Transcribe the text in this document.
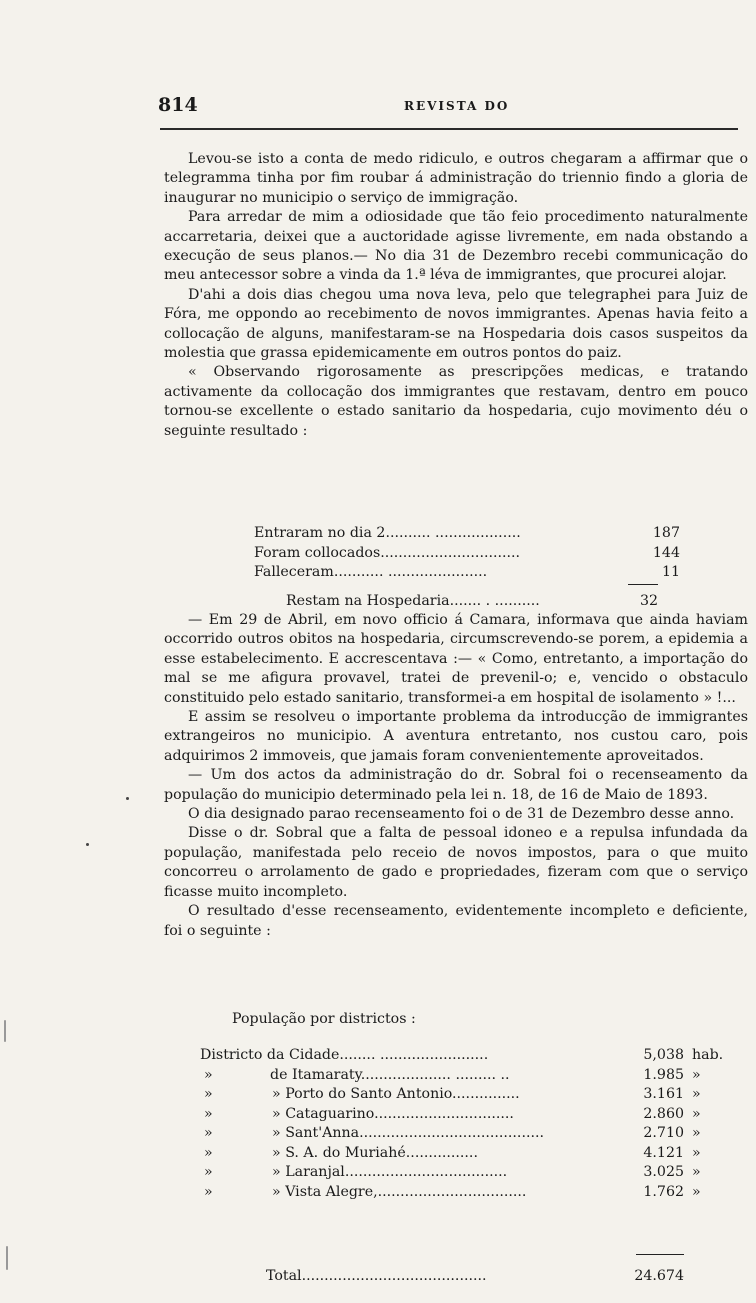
814	REVISTA DO

Levou-se isto a conta de medo ridiculo, e outros chegaram a affirmar que o telegramma tinha por fim roubar á administração do triennio findo a gloria de inaugurar no municipio o serviço de immigração.

Para arredar de mim a odiosidade que tão feio procedimento naturalmente accarretaria, deixei que a auctoridade agisse livremente, em nada obstando a execução de seus planos.— No dia 31 de Dezembro recebi communicação do meu antecessor sobre a vinda da 1.ª léva de immigrantes, que procurei alojar.

D'ahi a dois dias chegou uma nova leva, pelo que telegraphei para Juiz de Fóra, me oppondo ao recebimento de novos immigrantes. Apenas havia feito a collocação de alguns, manifestaram-se na Hospedaria dois casos suspeitos da molestia que grassa epidemicamente em outros pontos do paiz.

« Observando rigorosamente as prescripções medicas, e tratando activamente da collocação dos immigrantes que restavam, dentro em pouco tornou-se excellente o estado sanitario da hospedaria, cujo movimento déu o seguinte resultado :

Entraram no dia 2.......... ...................	187
Foram collocados...............................	144
Falleceram........... ......................	11
Restam na Hospedaria....... . ..........	32

— Em 29 de Abril, em novo officio á Camara, informava que ainda haviam occorrido outros obitos na hospedaria, circumscrevendo-se porem, a epidemia a esse estabelecimento. E accrescentava :— « Como, entretanto, a importação do mal se me afigura provavel, tratei de prevenil-o; e, vencido o obstaculo constituido pelo estado sanitario, transformei-a em hospital de isolamento » !...

E assim se resolveu o importante problema da introducção de immigrantes extrangeiros no municipio. A aventura entretanto, nos custou caro, pois adquirimos 2 immoveis, que jamais foram convenientemente aproveitados.

— Um dos actos da administração do dr. Sobral foi o recenseamento da população do municipio determinado pela lei n. 18, de 16 de Maio de 1893.

O dia designado parao recenseamento foi o de 31 de Dezembro desse anno.

Disse o dr. Sobral que a falta de pessoal idoneo e a repulsa infundada da população, manifestada pelo receio de novos impostos, para o que muito concorreu o arrolamento de gado e propriedades, fizeram com que o serviço ficasse muito incompleto.

O resultado d'esse recenseamento, evidentemente incompleto e deficiente, foi o seguinte :

População por districtos :
Districto da Cidade........ ........................	5,038 hab.
»	de Itamaraty.................... ......... ..	1.985 »
»	» Porto do Santo Antonio...............	3.161 »
»	» Cataguarino...............................	2.860 »
»	» Sant'Anna.........................................	2.710 »
»	» S. A. do Muriahé................	4.121 »
»	» Laranjal....................................	3.025 »
»	» Vista Alegre,.................................	1.762 »
Total.........................................	24.674
